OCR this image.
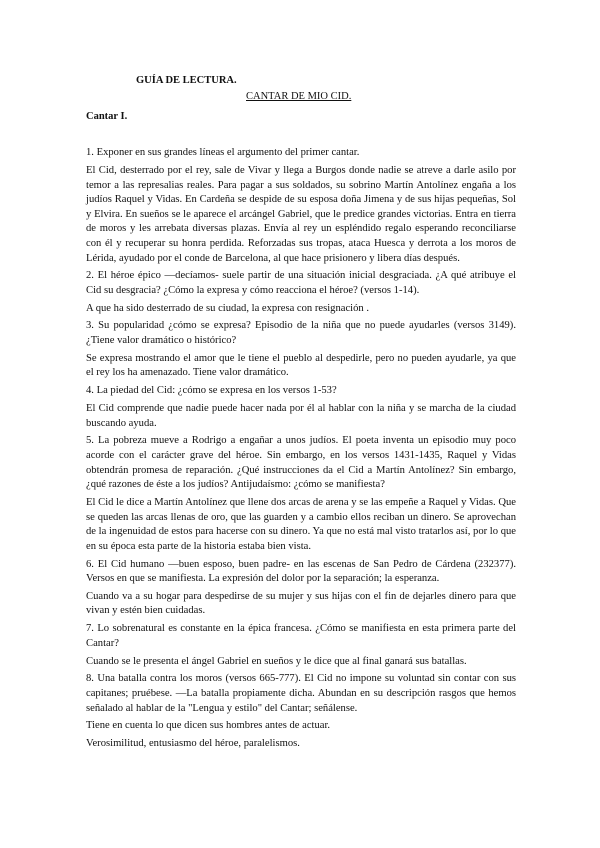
GUÍA DE LECTURA.
CANTAR DE MIO CID.
Cantar I.

1. Exponer en sus grandes líneas el argumento del primer cantar.

El Cid, desterrado por el rey, sale de Vivar y llega a Burgos donde nadie se atreve a darle asilo por temor a las represalias reales. Para pagar a sus soldados, su sobrino Martín Antolínez engaña a los judíos Raquel y Vidas. En Cardeña se despide de su esposa doña Jimena y de sus hijas pequeñas, Sol y Elvira. En sueños se le aparece el arcángel Gabriel, que le predice grandes victorias. Entra en tierra de moros y les arrebata diversas plazas. Envía al rey un espléndido regalo esperando reconciliarse con él y recuperar su honra perdida. Reforzadas sus tropas, ataca Huesca y derrota a los moros de Lérida, ayudado por el conde de Barcelona, al que hace prisionero y libera días después.

2. El héroe épico —decíamos- suele partir de una situación inicial desgraciada. ¿A qué atribuye el Cid su desgracia? ¿Cómo la expresa y cómo reacciona el héroe? (versos 1-14).

A que ha sido desterrado de su ciudad, la expresa con resignación .

3. Su popularidad ¿cómo se expresa? Episodio de la niña que no puede ayudarles (versos 3149). ¿Tiene valor dramático o histórico?

Se expresa mostrando el amor que le tiene el pueblo al despedirle, pero no pueden ayudarle, ya que el rey los ha amenazado. Tiene valor dramático.

4. La piedad del Cid: ¿cómo se expresa en los versos 1-53?

El Cid comprende que nadie puede hacer nada por él al hablar con la niña y se marcha de la ciudad buscando ayuda.

5. La pobreza mueve a Rodrigo a engañar a unos judíos. El poeta inventa un episodio muy poco acorde con el carácter grave del héroe. Sin embargo, en los versos 1431-1435, Raquel y Vidas obtendrán promesa de reparación. ¿Qué instrucciones da el Cid a Martín Antolínez? Sin embargo, ¿qué razones de éste a los judíos? Antijudaísmo: ¿cómo se manifiesta?

El Cid le dice a Martín Antolínez que llene dos arcas de arena y se las empeñe a Raquel y Vidas. Que se queden las arcas llenas de oro, que las guarden y a cambio ellos reciban un dinero. Se aprovechan de la ingenuidad de estos para hacerse con su dinero. Ya que no está mal visto tratarlos así, por lo que en su época esta parte de la historia estaba bien vista.

6. El Cid humano —buen esposo, buen padre- en las escenas de San Pedro de Cárdena (232377). Versos en que se manifiesta. La expresión del dolor por la separación; la esperanza.

Cuando va a su hogar para despedirse de su mujer y sus hijas con el fin de dejarles dinero para que vivan y estén bien cuidadas.

7. Lo sobrenatural es constante en la épica francesa. ¿Cómo se manifiesta en esta primera parte del Cantar?

Cuando se le presenta el ángel Gabriel en sueños y le dice que al final ganará sus batallas.

8. Una batalla contra los moros (versos 665-777). El Cid no impone su voluntad sin contar con sus capitanes; pruébese. —La batalla propiamente dicha. Abundan en su descripción rasgos que hemos señalado al hablar de la "Lengua y estilo" del Cantar; señálense.

Tiene en cuenta lo que dicen sus hombres antes de actuar.

Verosimilitud, entusiasmo del héroe, paralelismos.
